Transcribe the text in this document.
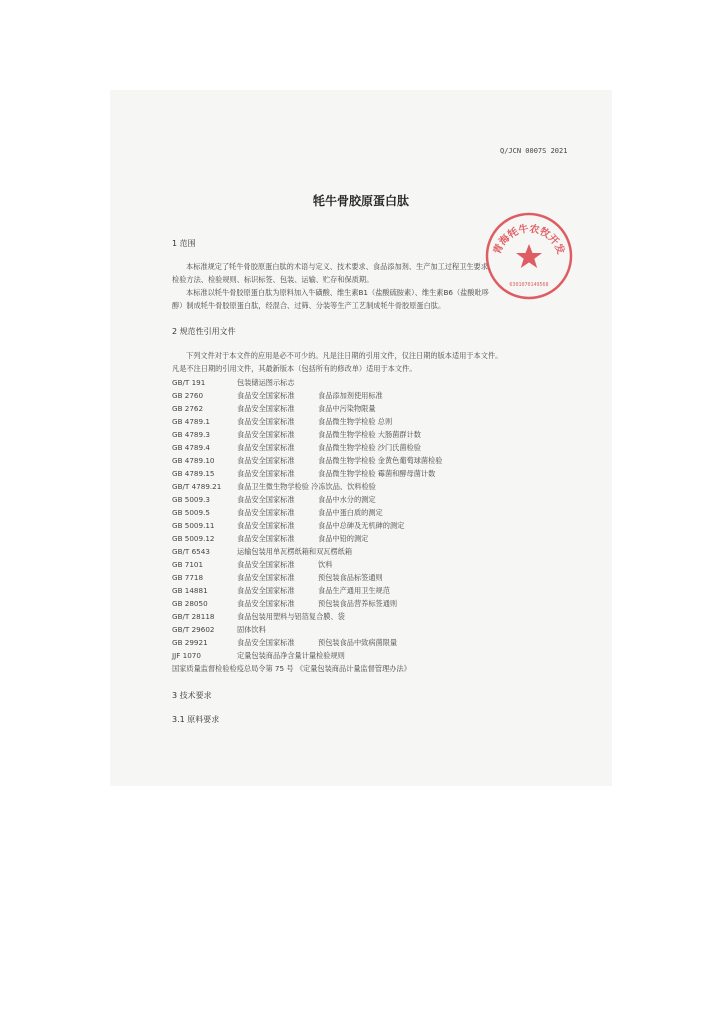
Q/JCN 0007S 2021
牦牛骨胶原蛋白肽
1 范围
本标准规定了牦牛骨胶原蛋白肽的术语与定义、技术要求、食品添加剂、生产加工过程卫生要求、
检验方法、检验规则、标识标签、包装、运输、贮存和保质期。
本标准以牦牛骨胶原蛋白肽为原料加入牛磺酸、维生素B1（盐酸硫胺素）、维生素B6（盐酸吡哆
醇）制成牦牛骨胶原蛋白肽，经混合、过筛、分装等生产工艺制成牦牛骨胶原蛋白肽。
2 规范性引用文件
下列文件对于本文件的应用是必不可少的。凡是注日期的引用文件，仅注日期的版本适用于本文件。
凡是不注日期的引用文件，其最新版本（包括所有的修改单）适用于本文件。
GB/T 191	包装储运图示标志
GB 2760	食品安全国家标准	食品添加剂使用标准
GB 2762	食品安全国家标准	食品中污染物限量
GB 4789.1	食品安全国家标准	食品微生物学检验 总则
GB 4789.3	食品安全国家标准	食品微生物学检验 大肠菌群计数
GB 4789.4	食品安全国家标准	食品微生物学检验 沙门氏菌检验
GB 4789.10	食品安全国家标准	食品微生物学检验 金黄色葡萄球菌检验
GB 4789.15	食品安全国家标准	食品微生物学检验 霉菌和酵母菌计数
GB/T 4789.21 食品卫生微生物学检验 冷冻饮品、饮料检验
GB 5009.3	食品安全国家标准	食品中水分的测定
GB 5009.5	食品安全国家标准	食品中蛋白质的测定
GB 5009.11	食品安全国家标准	食品中总砷及无机砷的测定
GB 5009.12	食品安全国家标准	食品中铅的测定
GB/T 6543	运输包装用单瓦楞纸箱和双瓦楞纸箱
GB 7101	食品安全国家标准	饮料
GB 7718	食品安全国家标准	预包装食品标签通则
GB 14881	食品安全国家标准	食品生产通用卫生规范
GB 28050	食品安全国家标准	预包装食品营养标签通则
GB/T 28118	食品包装用塑料与铝箔复合膜、袋
GB/T 29602	固体饮料
GB 29921	食品安全国家标准	预包装食品中致病菌限量
JJF 1070	定量包装商品净含量计量检验规则
国家质量监督检验检疫总局令第 75 号 《定量包装商品计量监督管理办法》
3 技术要求
3.1 原料要求
青海牦牛农牧开发
6301070149568
